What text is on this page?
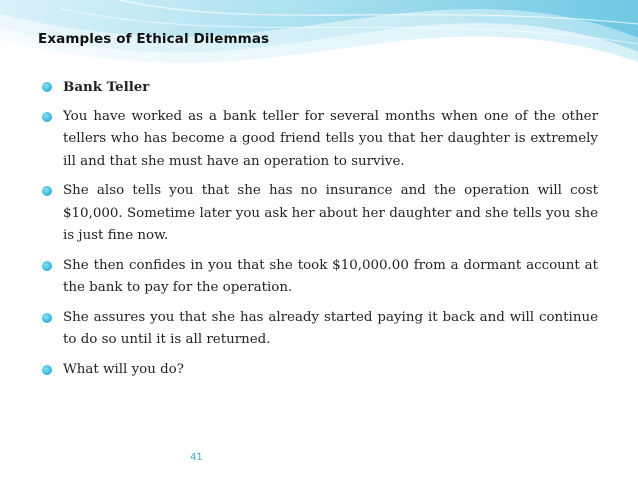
Examples of Ethical Dilemmas
Bank Teller
You have worked as a bank teller for several months when one of the other tellers who has become a good friend tells you that her daughter is extremely ill and that she must have an operation to survive.
She also tells you that she has no insurance and the operation will cost $10,000. Sometime later you ask her about her daughter and she tells you she is just fine now.
She then confides in you that she took $10,000.00 from a dormant account at the bank to pay for the operation.
She assures you that she has already started paying it back and will continue to do so until it is all returned.
What will you do?
41
